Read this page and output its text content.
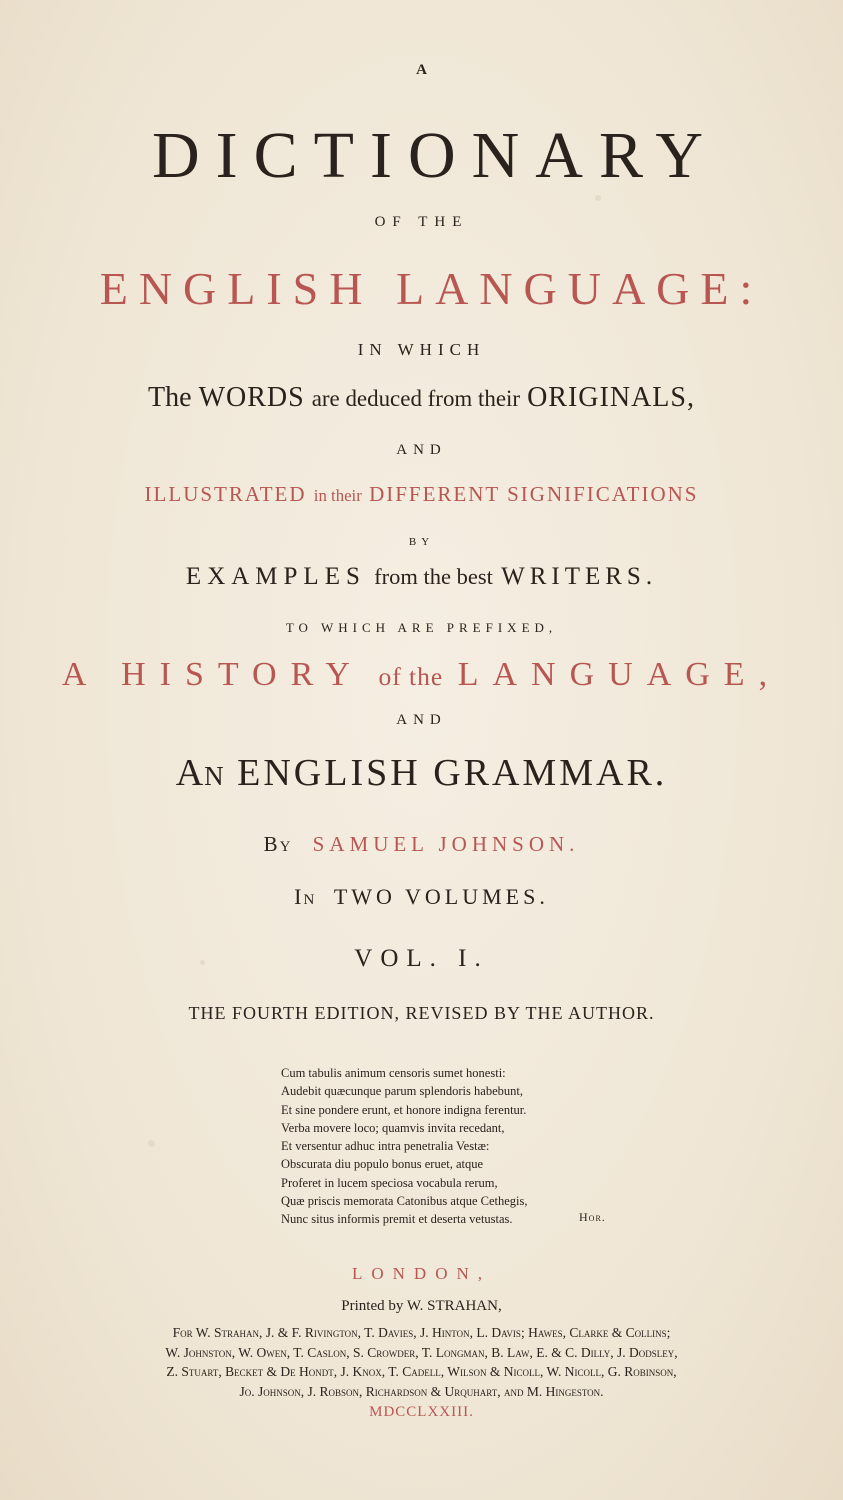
A
DICTIONARY
OF THE
ENGLISH LANGUAGE:
IN WHICH
The WORDS are deduced from their ORIGINALS,
AND
ILLUSTRATED in their DIFFERENT SIGNIFICATIONS
BY
EXAMPLES from the best WRITERS.
TO WHICH ARE PREFIXED,
A HISTORY of the LANGUAGE,
AND
An ENGLISH GRAMMAR.
By SAMUEL JOHNSON.
In TWO VOLUMES.
VOL. I.
THE FOURTH EDITION, REVISED BY THE AUTHOR.
Cum tabulis animum censoris sumet honesti:
Audebit quæcunque parum splendoris habebunt,
Et sine pondere erunt, et honore indigna ferentur.
Verba movere loco; quamvis invita recedant,
Et versentur adhuc intra penetralia Vestæ:
Obscurata diu populo bonus eruet, atque
Proferet in lucem speciosa vocabula rerum,
Quæ priscis memorata Catonibus atque Cethegis,
Nunc situs informis premit et deserta vetustas.	Hor.
LONDON,
Printed by W. STRAHAN,
For W. Strahan, J. & F. Rivington, T. Davies, J. Hinton, L. Davis; Hawes, Clarke & Collins;
W. Johnston, W. Owen, T. Caslon, S. Crowder, T. Longman, B. Law, E. & C. Dilly, J. Dodsley,
Z. Stuart, Becket & De Hondt, J. Knox, T. Cadell, Wilson & Nicoll, W. Nicoll, G. Robinson,
Jo. Johnson, J. Robson, Richardson & Urquhart, and M. Hingeston.
MDCCLXXIII.
